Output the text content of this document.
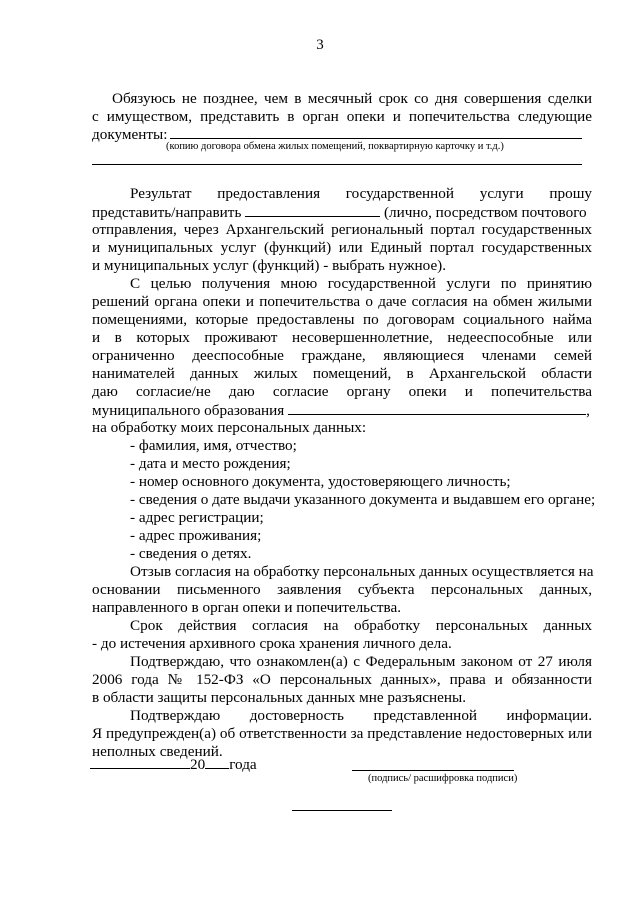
3
Обязуюсь не позднее, чем в месячный срок со дня совершения сделки
с имуществом, представить в орган опеки и попечительства следующие
документы:
(копию договора обмена жилых помещений, поквартирную карточку и т.д.)
Результат предоставления государственной услуги прошу
представить/направить	(лично, посредством почтового
отправления, через Архангельский региональный портал государственных
и муниципальных услуг (функций) или Единый портал государственных
и муниципальных услуг (функций) - выбрать нужное).
С целью получения мною государственной услуги по принятию
решений органа опеки и попечительства о даче согласия на обмен жилыми
помещениями, которые предоставлены по договорам социального найма
и в которых проживают несовершеннолетние, недееспособные или
ограниченно дееспособные граждане, являющиеся членами семей
нанимателей данных жилых помещений, в Архангельской области
даю согласие/не даю согласие органу опеки и попечительства
муниципального образования	,
на обработку моих персональных данных:
- фамилия, имя, отчество;
- дата и место рождения;
- номер основного документа, удостоверяющего личность;
- сведения о дате выдачи указанного документа и выдавшем его органе;
- адрес регистрации;
- адрес проживания;
- сведения о детях.
Отзыв согласия на обработку персональных данных осуществляется на
основании письменного заявления субъекта персональных данных,
направленного в орган опеки и попечительства.
Срок действия согласия на обработку персональных данных
- до истечения архивного срока хранения личного дела.
Подтверждаю, что ознакомлен(а) с Федеральным законом от 27 июля
2006 года № 152-ФЗ «О персональных данных», права и обязанности
в области защиты персональных данных мне разъяснены.
Подтверждаю достоверность представленной информации.
Я предупрежден(а) об ответственности за представление недостоверных или
неполных сведений.
20 года
(подпись/ расшифровка подписи)
